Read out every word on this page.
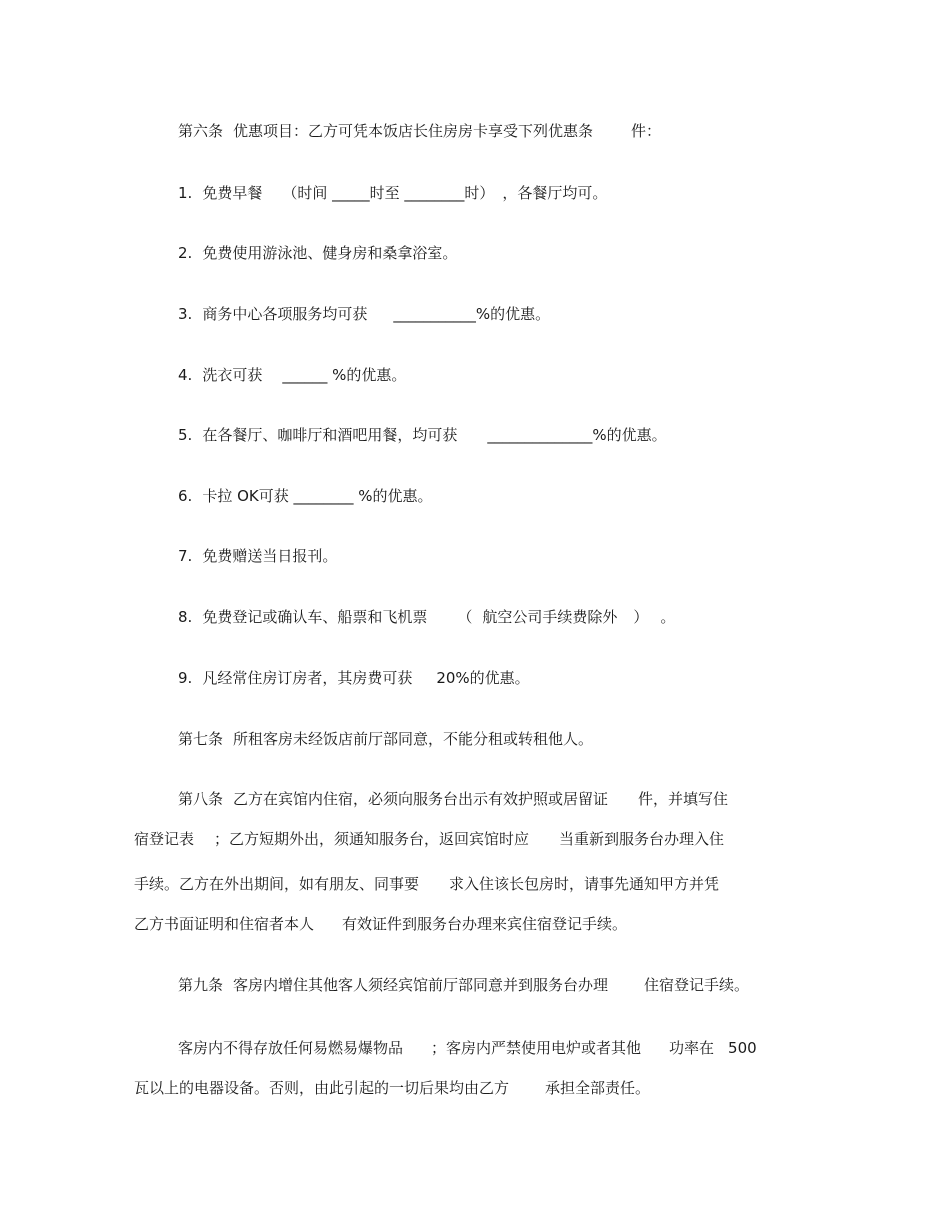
第六条 优惠项目：乙方可凭本饭店长住房房卡享受下列优惠条	件：
1. 免费早餐 （时间 _____时至 ________时） ，各餐厅均可。
2. 免费使用游泳池、健身房和桑拿浴室。
3. 商务中心各项服务均可获 ___________%的优惠。
4. 洗衣可获 ______ %的优惠。
5. 在各餐厅、咖啡厅和酒吧用餐，均可获 ______________%的优惠。
6. 卡拉 OK可获 ________ %的优惠。
7. 免费赠送当日报刊。
8. 免费登记或确认车、船票和飞机票 （ 航空公司手续费除外 ） 。
9. 凡经常住房订房者，其房费可获 20%的优惠。
第七条 所租客房未经饭店前厅部同意，不能分租或转租他人。
第八条 乙方在宾馆内住宿，必须向服务台出示有效护照或居留证 件，并填写住
宿登记表 ；乙方短期外出，须通知服务台，返回宾馆时应 当重新到服务台办理入住
手续。乙方在外出期间，如有朋友、同事要 求入住该长包房时，请事先通知甲方并凭
乙方书面证明和住宿者本人 有效证件到服务台办理来宾住宿登记手续。
第九条 客房内增住其他客人须经宾馆前厅部同意并到服务台办理 住宿登记手续。
客房内不得存放任何易燃易爆物品 ；客房内严禁使用电炉或者其他 功率在 500
瓦以上的电器设备。否则，由此引起的一切后果均由乙方 承担全部责任。
